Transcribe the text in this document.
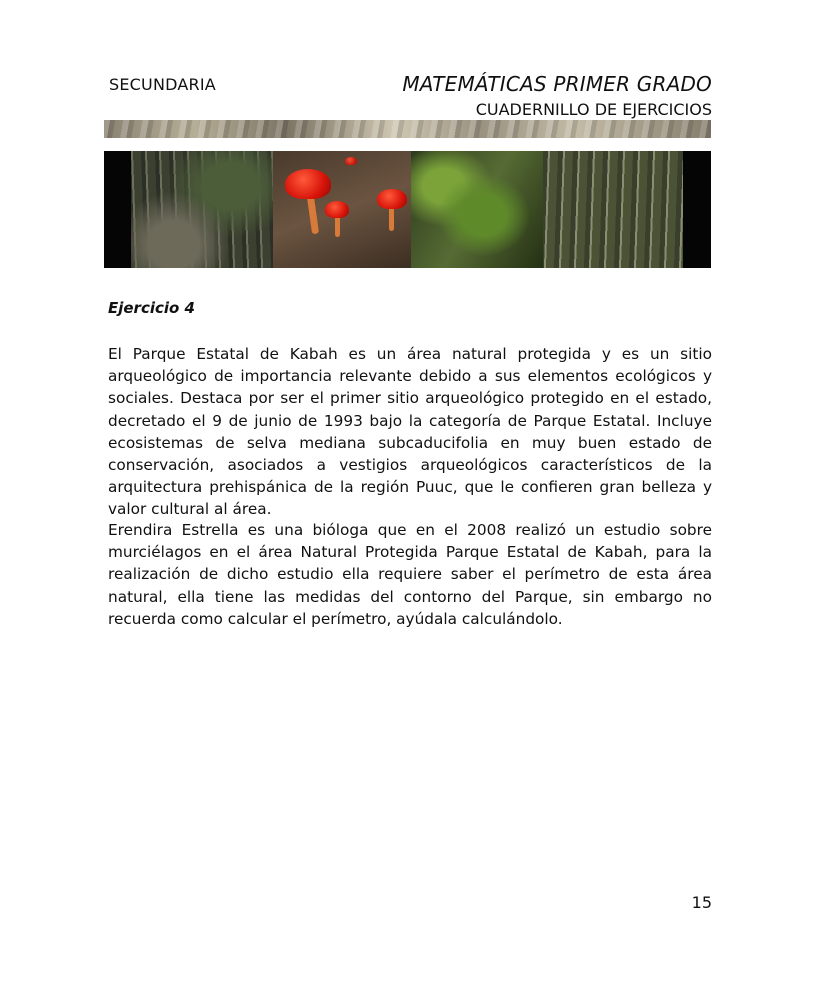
SECUNDARIA	MATEMÁTICAS PRIMER GRADO
CUADERNILLO DE EJERCICIOS
Ejercicio 4

El Parque Estatal de Kabah es un área natural protegida y es un sitio arqueológico de importancia relevante debido a sus elementos ecológicos y sociales. Destaca por ser el primer sitio arqueológico protegido en el estado, decretado el 9 de junio de 1993 bajo la categoría de Parque Estatal. Incluye ecosistemas de selva mediana subcaducifolia en muy buen estado de conservación, asociados a vestigios arqueológicos característicos de la arquitectura prehispánica de la región Puuc, que le confieren gran belleza y valor cultural al área.

Erendira Estrella es una bióloga que en el 2008 realizó un estudio sobre murciélagos en el área Natural Protegida Parque Estatal de Kabah, para la realización de dicho estudio ella requiere saber el perímetro de esta área natural, ella tiene las medidas del contorno del Parque, sin embargo no recuerda como calcular el perímetro, ayúdala calculándolo.

15
